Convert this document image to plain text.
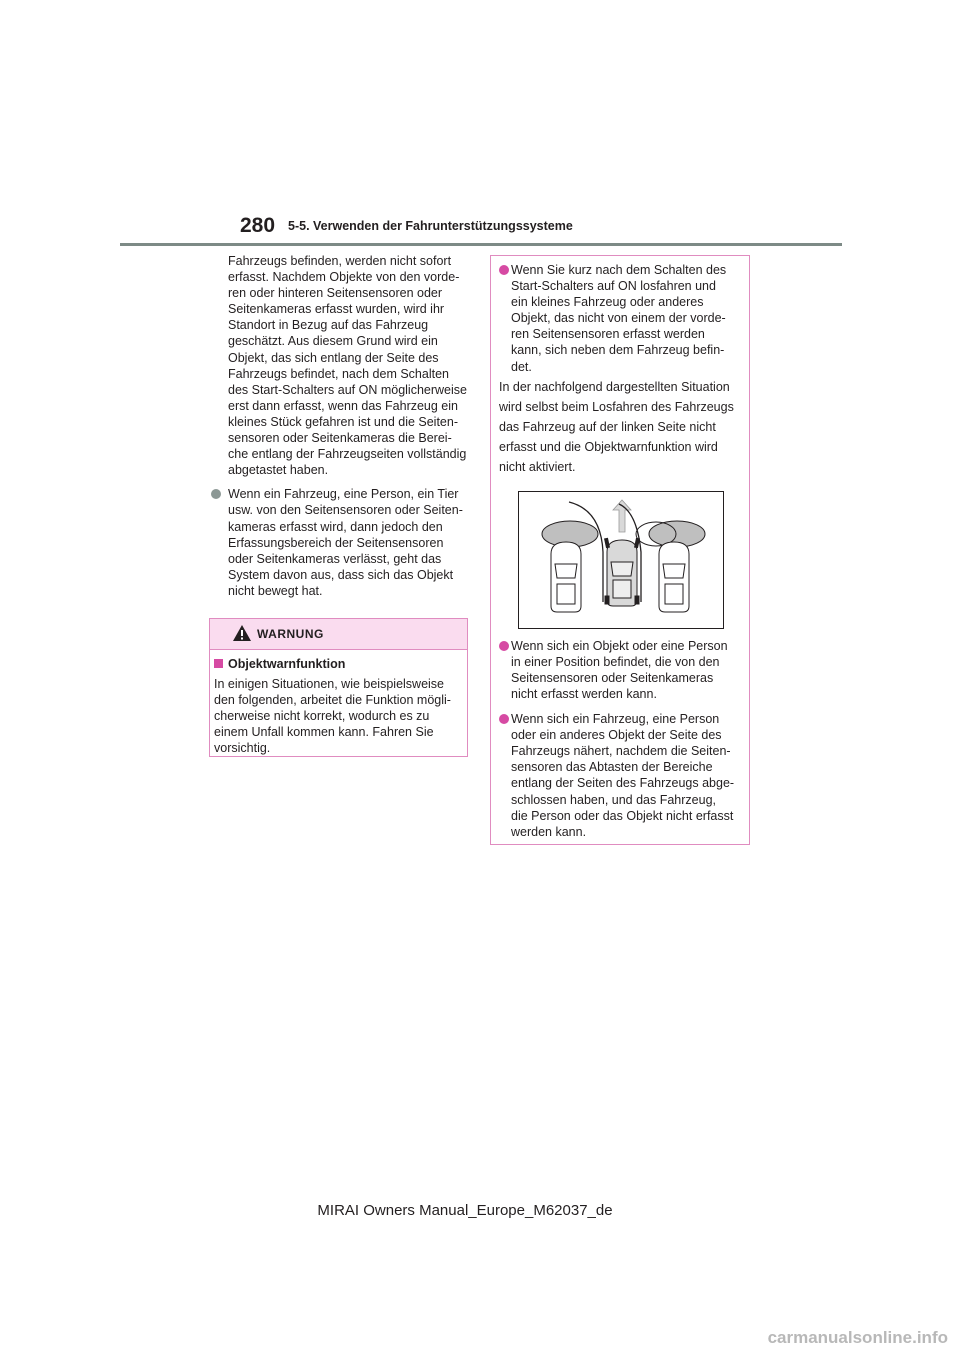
280 5-5. Verwenden der Fahrunterstützungssysteme

Fahrzeugs befinden, werden nicht sofort

erfasst. Nachdem Objekte von den vorde-

ren oder hinteren Seitensensoren oder

Seitenkameras erfasst wurden, wird ihr

Standort in Bezug auf das Fahrzeug

geschätzt. Aus diesem Grund wird ein

Objekt, das sich entlang der Seite des

Fahrzeugs befindet, nach dem Schalten

des Start-Schalters auf ON möglicherweise

erst dann erfasst, wenn das Fahrzeug ein

kleines Stück gefahren ist und die Seiten-

sensoren oder Seitenkameras die Berei-

che entlang der Fahrzeugseiten vollständig

abgetastet haben.

Wenn ein Fahrzeug, eine Person, ein Tier

usw. von den Seitensensoren oder Seiten-

kameras erfasst wird, dann jedoch den

Erfassungsbereich der Seitensensoren

oder Seitenkameras verlässt, geht das

System davon aus, dass sich das Objekt

nicht bewegt hat.

WARNUNG

Objektwarnfunktion

In einigen Situationen, wie beispielsweise

den folgenden, arbeitet die Funktion mögli-

cherweise nicht korrekt, wodurch es zu

einem Unfall kommen kann. Fahren Sie

vorsichtig.

Wenn Sie kurz nach dem Schalten des

Start-Schalters auf ON losfahren und

ein kleines Fahrzeug oder anderes

Objekt, das nicht von einem der vorde-

ren Seitensensoren erfasst werden

kann, sich neben dem Fahrzeug befin-

det.

In der nachfolgend dargestellten Situation

wird selbst beim Losfahren des Fahrzeugs

das Fahrzeug auf der linken Seite nicht

erfasst und die Objektwarnfunktion wird

nicht aktiviert.

Wenn sich ein Objekt oder eine Person

in einer Position befindet, die von den

Seitensensoren oder Seitenkameras

nicht erfasst werden kann.

Wenn sich ein Fahrzeug, eine Person

oder ein anderes Objekt der Seite des

Fahrzeugs nähert, nachdem die Seiten-

sensoren das Abtasten der Bereiche

entlang der Seiten des Fahrzeugs abge-

schlossen haben, und das Fahrzeug,

die Person oder das Objekt nicht erfasst

werden kann.

MIRAI Owners Manual_Europe_M62037_de
carmanualsonline.info
